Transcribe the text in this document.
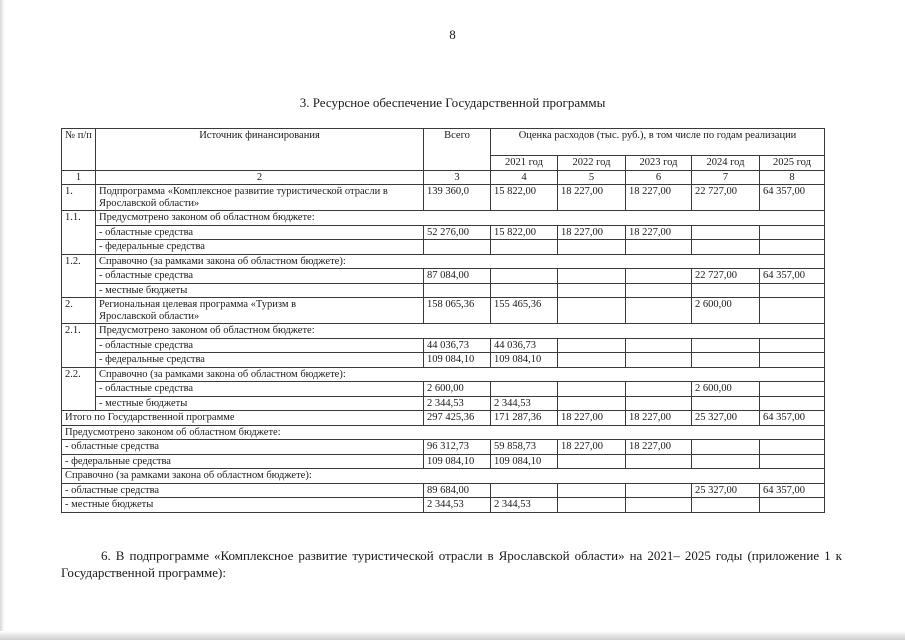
8
3. Ресурсное обеспечение Государственной программы
№ п/п	Источник финансирования	Всего	Оценка расходов (тыс. руб.), в том числе по годам реализации				
			2021 год	2022 год	2023 год	2024 год	2025 год
1	2	3	4	5	6	7	8
1.	Подпрограмма «Комплексное развитие туристической отрасли в Ярославской области»	139 360,0	15 822,00	18 227,00	18 227,00	22 727,00	64 357,00
1.1.	Предусмотрено законом об областном бюджете:						
	- областные средства	52 276,00	15 822,00	18 227,00	18 227,00		
	- федеральные средства						
1.2.	Справочно (за рамками закона об областном бюджете):						
	- областные средства	87 084,00				22 727,00	64 357,00
	- местные бюджеты						
2.	Региональная целевая программа «Туризм в Ярославской области»	158 065,36	155 465,36			2 600,00	
2.1.	Предусмотрено законом об областном бюджете:						
	- областные средства	44 036,73	44 036,73				
	- федеральные средства	109 084,10	109 084,10				
2.2.	Справочно (за рамками закона об областном бюджете):						
	- областные средства	2 600,00				2 600,00	
	- местные бюджеты	2 344,53	2 344,53				
Итого по Государственной программе		297 425,36	171 287,36	18 227,00	18 227,00	25 327,00	64 357,00
Предусмотрено законом об областном бюджете:							
- областные средства		96 312,73	59 858,73	18 227,00	18 227,00		
- федеральные средства		109 084,10	109 084,10				
Справочно (за рамками закона об областном бюджете):							
- областные средства		89 684,00				25 327,00	64 357,00
- местные бюджеты		2 344,53	2 344,53				
6. В подпрограмме «Комплексное развитие туристической отрасли в Ярославской области» на 2021– 2025 годы (приложение 1 к Государственной программе):
